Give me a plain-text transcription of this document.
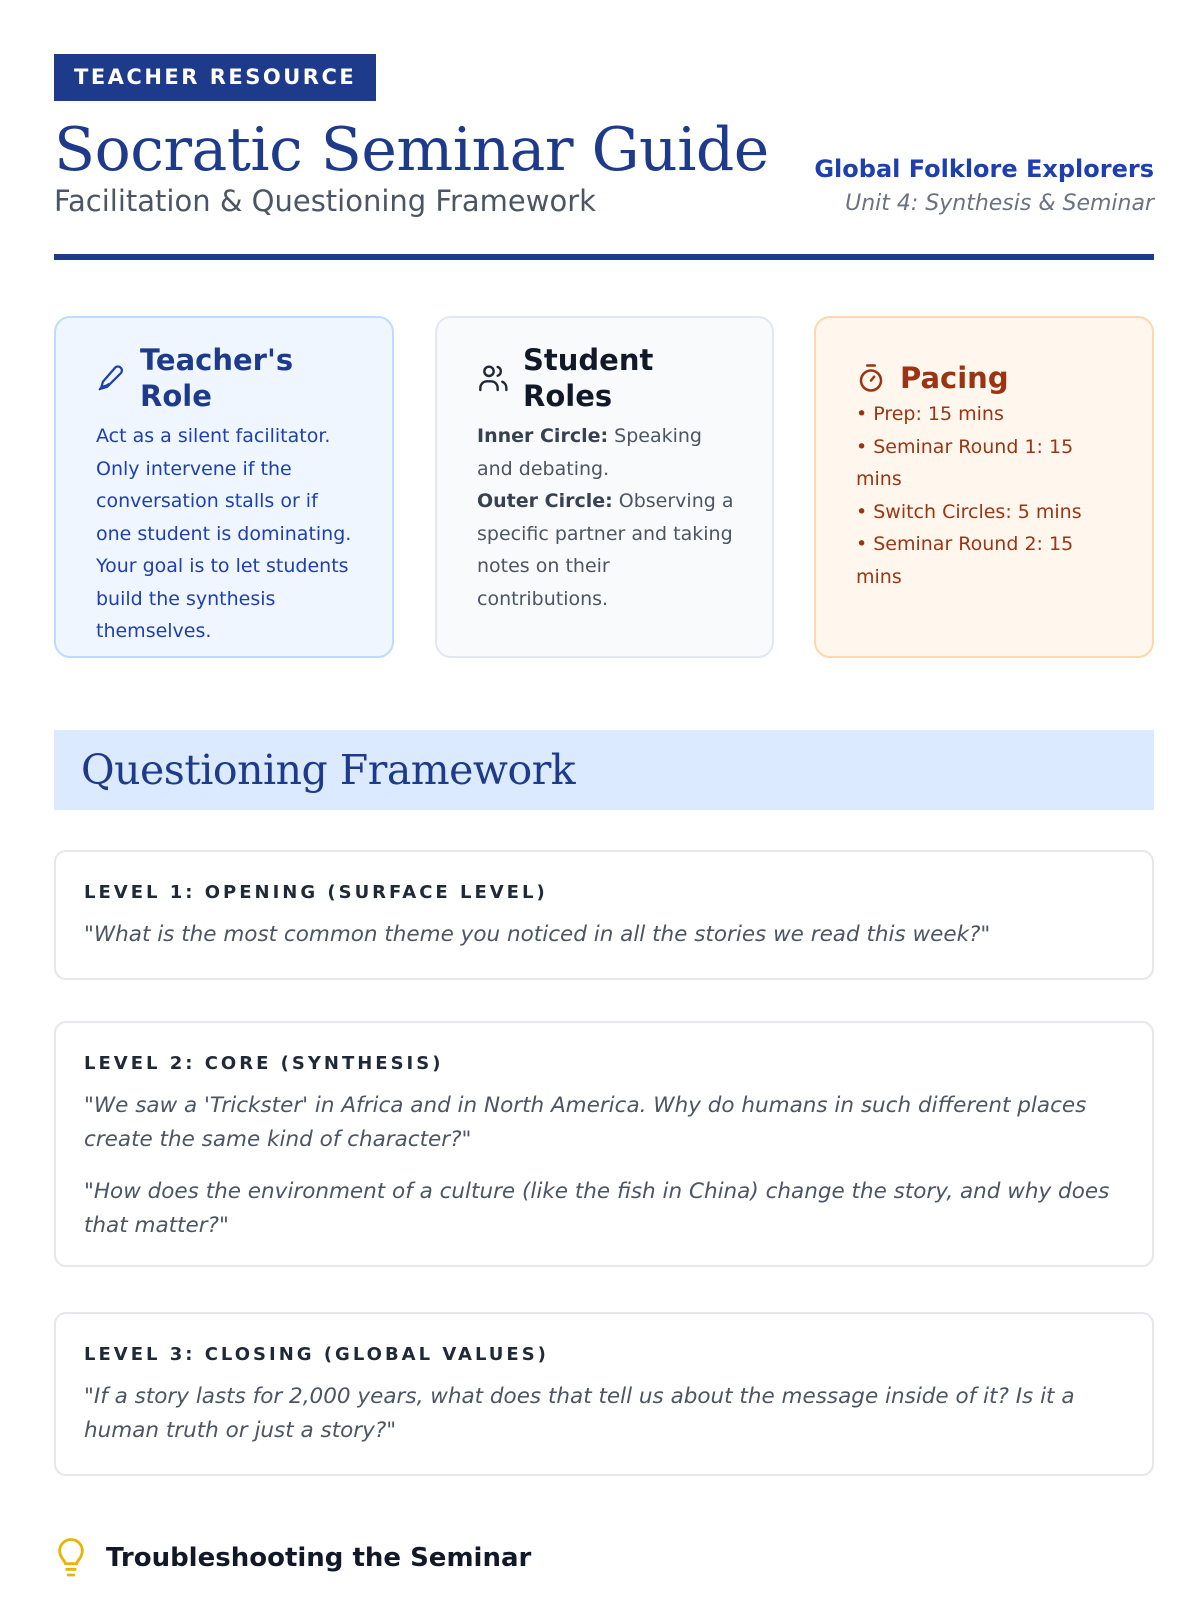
TEACHER RESOURCE
Socratic Seminar Guide
Facilitation & Questioning Framework
Global Folklore Explorers
Unit 4: Synthesis & Seminar
Teacher's Role
Act as a silent facilitator. Only intervene if the conversation stalls or if one student is dominating. Your goal is to let students build the synthesis themselves.
Student Roles
Inner Circle: Speaking and debating.
Outer Circle: Observing a specific partner and taking notes on their contributions.
Pacing
• Prep: 15 mins
• Seminar Round 1: 15 mins
• Switch Circles: 5 mins
• Seminar Round 2: 15 mins
Questioning Framework
LEVEL 1: OPENING (SURFACE LEVEL)
"What is the most common theme you noticed in all the stories we read this week?"
LEVEL 2: CORE (SYNTHESIS)
"We saw a 'Trickster' in Africa and in North America. Why do humans in such different places create the same kind of character?"
"How does the environment of a culture (like the fish in China) change the story, and why does that matter?"
LEVEL 3: CLOSING (GLOBAL VALUES)
"If a story lasts for 2,000 years, what does that tell us about the message inside of it? Is it a human truth or just a story?"
Troubleshooting the Seminar
